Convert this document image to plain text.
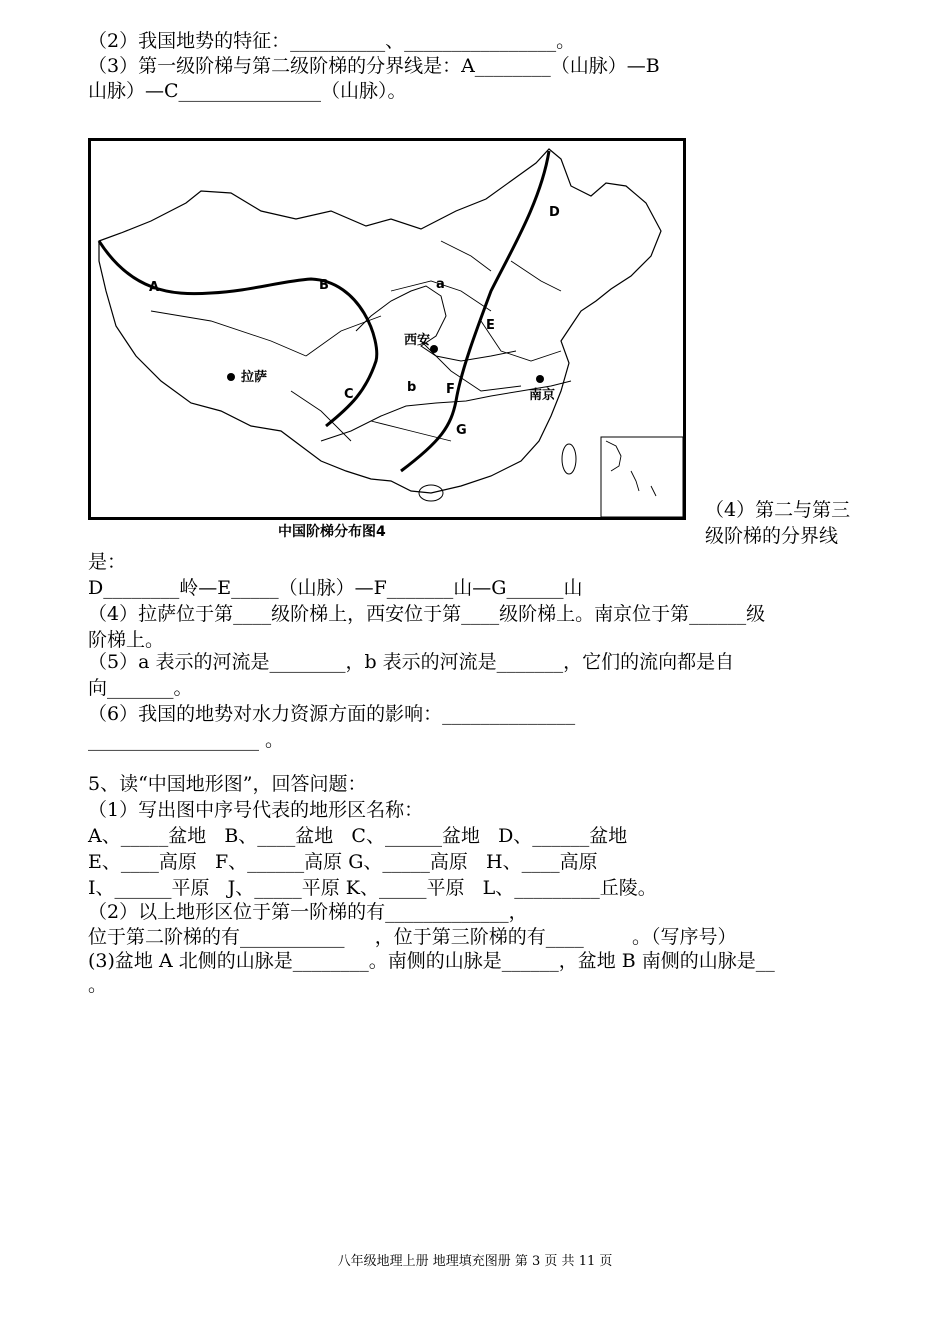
（2）我国地势的特征：__________、________________。
（3）第一级阶梯与第二级阶梯的分界线是：A________（山脉）—B
山脉）—C_______________（山脉）。
A	B
C
D
E
F
G
a
b
西安
拉萨
南京
中国阶梯分布图4
（4）第二与第三
级阶梯的分界线
是：
D________岭—E_____（山脉）—F_______山—G______山
（4）拉萨位于第____级阶梯上，西安位于第____级阶梯上。南京位于第______级
阶梯上。
（5）a 表示的河流是________，b 表示的河流是_______，它们的流向都是自
向_______。
（6）我国的地势对水力资源方面的影响：______________
__________________ 。
5、读“中国地形图”，回答问题：
（1）写出图中序号代表的地形区名称：
A、_____盆地   B、____盆地   C、______盆地   D、______盆地
E、____高原   F、______高原 G、_____高原   H、____高原
I、______平原   J、_____平原 K、_____平原   L、_________丘陵。
（2）以上地形区位于第一阶梯的有_____________，
位于第二阶梯的有___________     ，位于第三阶梯的有____        。（写序号）
(3)盆地 A 北侧的山脉是________。南侧的山脉是______，盆地 B 南侧的山脉是__
。
八年级地理上册 地理填充图册 第 3 页 共 11 页
